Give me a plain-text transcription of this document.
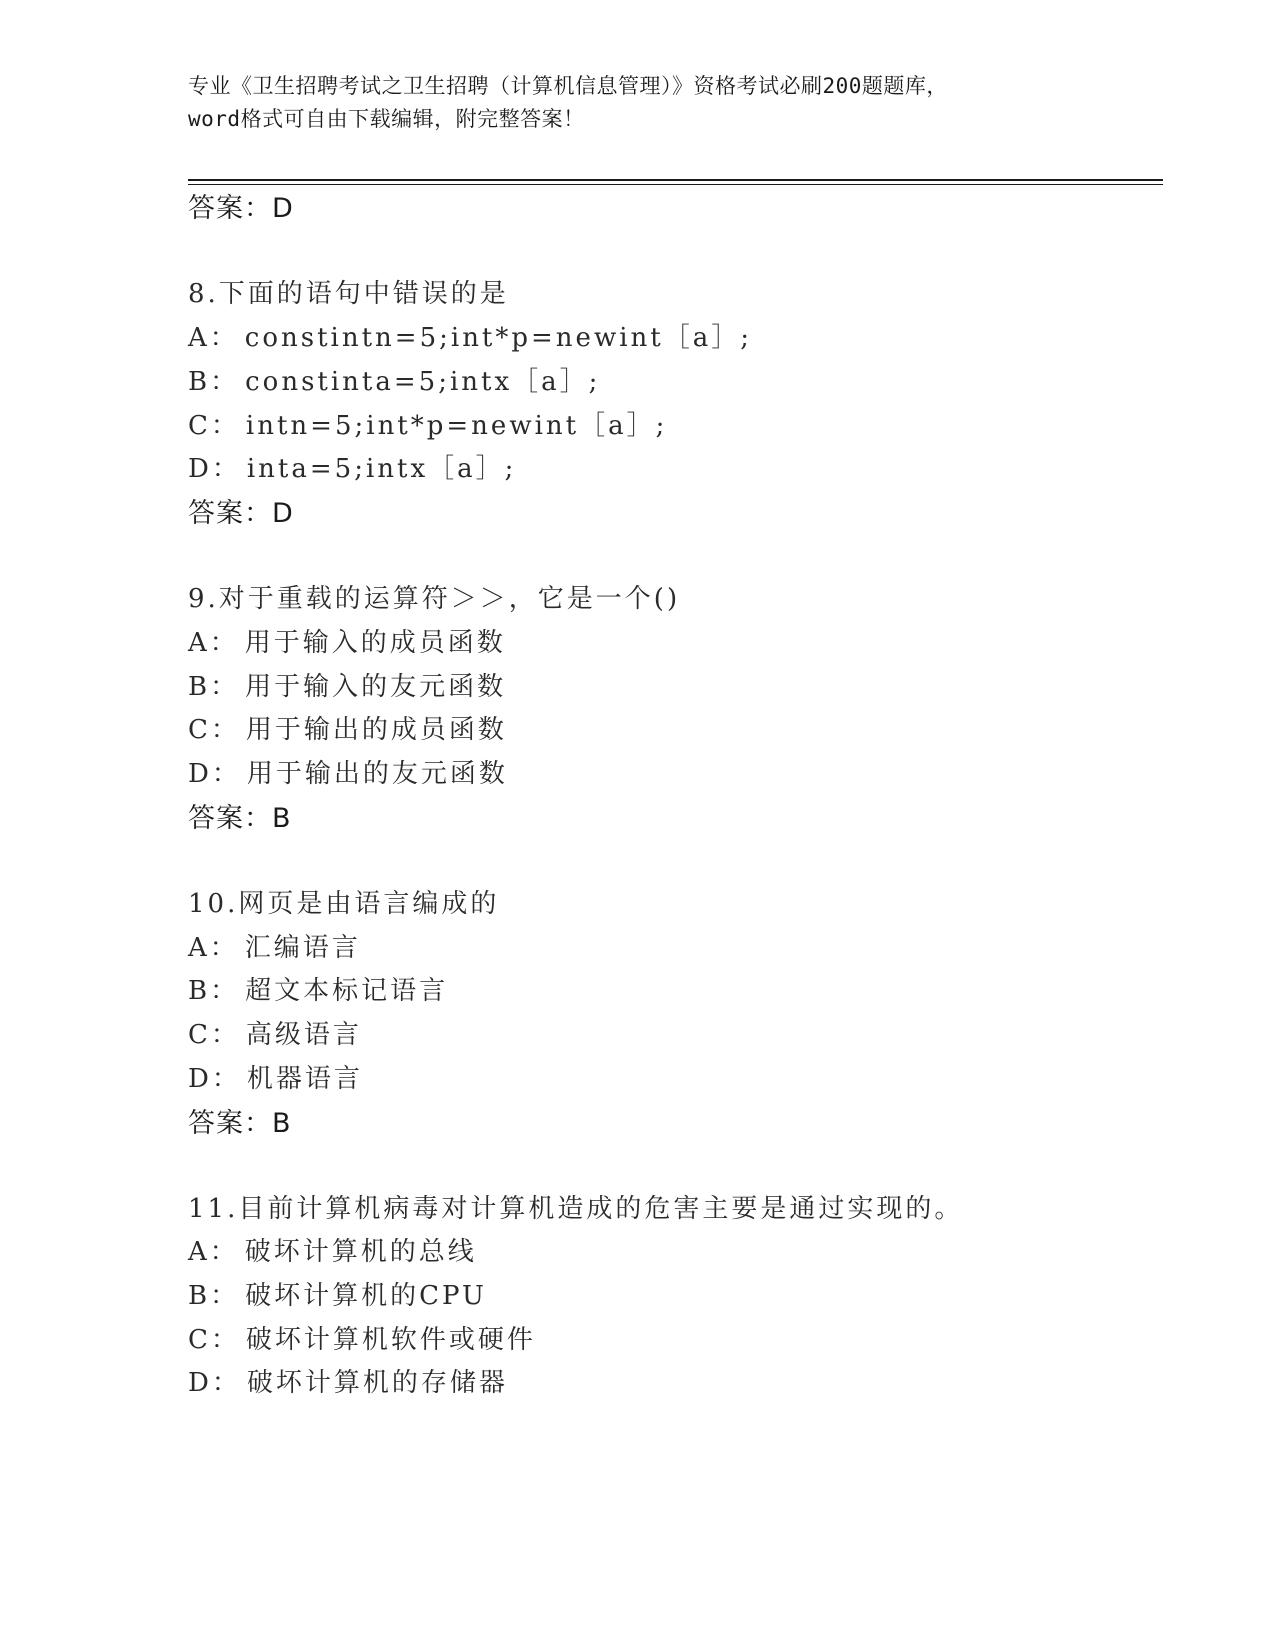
专业《卫生招聘考试之卫生招聘（计算机信息管理）》资格考试必刷200题题库，
word格式可自由下载编辑，附完整答案！
答案：D
8.下面的语句中错误的是
A： constintn=5;int*p=newint［a］;
B： constinta=5;intx［a］;
C： intn=5;int*p=newint［a］;
D： inta=5;intx［a］;
答案：D
9.对于重载的运算符＞＞，它是一个()
A： 用于输入的成员函数
B： 用于输入的友元函数
C： 用于输出的成员函数
D： 用于输出的友元函数
答案：B
10.网页是由语言编成的
A： 汇编语言
B： 超文本标记语言
C： 高级语言
D： 机器语言
答案：B
11.目前计算机病毒对计算机造成的危害主要是通过实现的。
A： 破坏计算机的总线
B： 破坏计算机的CPU
C： 破坏计算机软件或硬件
D： 破坏计算机的存储器
